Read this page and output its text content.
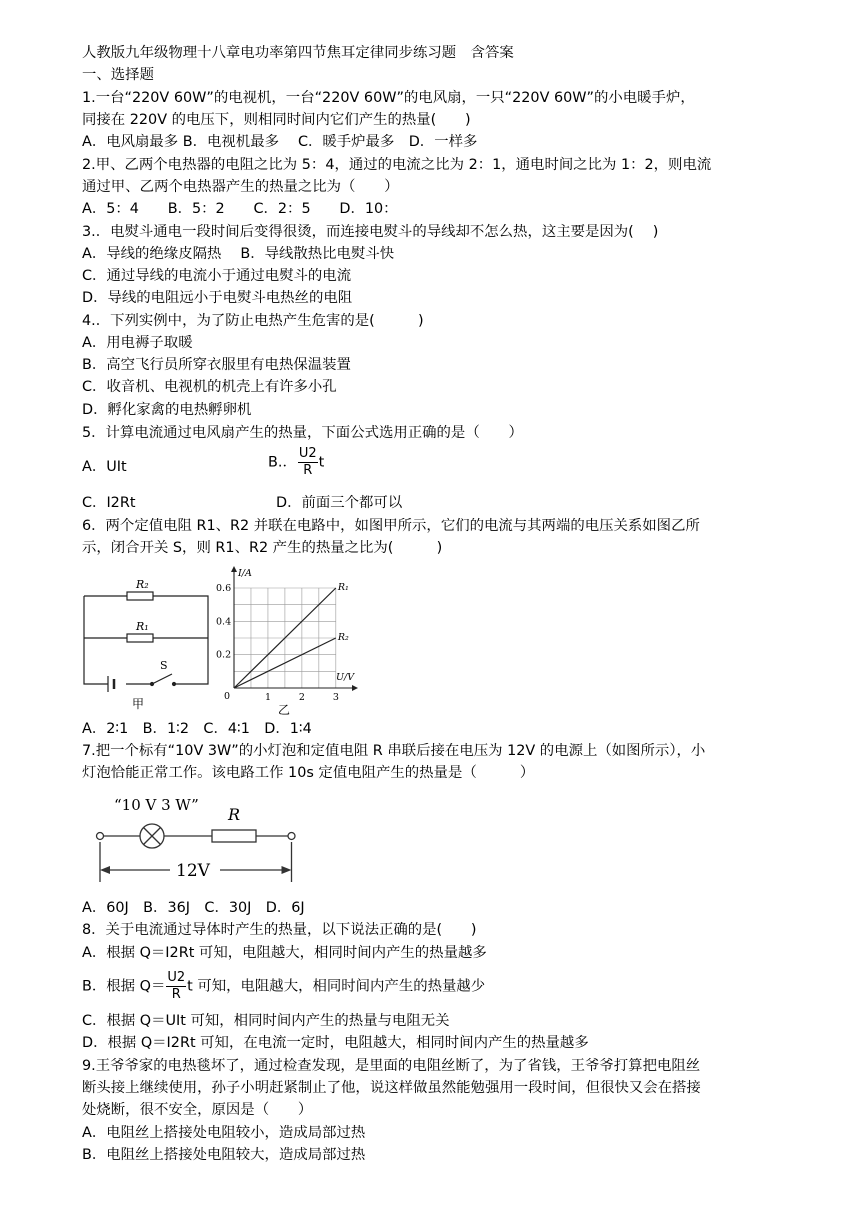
人教版九年级物理十八章电功率第四节焦耳定律同步练习题　含答案
一、选择题
1.一台“220V 60W”的电视机，一台“220V 60W”的电风扇，一只“220V 60W”的小电暖手炉，
同接在 220V 的电压下，则相同时间内它们产生的热量(　　)
A．电风扇最多 B．电视机最多　 C．暖手炉最多　D．一样多
2.甲、乙两个电热器的电阻之比为 5：4，通过的电流之比为 2：1，通电时间之比为 1：2，则电流
通过甲、乙两个电热器产生的热量之比为（　　）
A．5：4　　B．5：2　　C．2：5　　D．10：
3.．电熨斗通电一段时间后变得很烫，而连接电熨斗的导线却不怎么热，这主要是因为(　 )
A．导线的绝缘皮隔热　 B．导线散热比电熨斗快
C．通过导线的电流小于通过电熨斗的电流
D．导线的电阻远小于电熨斗电热丝的电阻
4.．下列实例中，为了防止电热产生危害的是(　　　)
A．用电褥子取暖
B．高空飞行员所穿衣服里有电热保温装置
C．收音机、电视机的机壳上有许多小孔
D．孵化家禽的电热孵卵机
5．计算电流通过电风扇产生的热量，下面公式选用正确的是（　　）
A．UIt	B.． $\frac{U2}{R}$ t
C．I2Rt	D．前面三个都可以
6．两个定值电阻 R1、R2 并联在电路中，如图甲所示，它们的电流与其两端的电压关系如图乙所
示，闭合开关 S，则 R1、R2 产生的热量之比为(　　　)
R₂
R₁
S
甲
I/A
U/V
0
0.6
0.4
0.2
1	2	3
R₁
R₂
乙
A．2∶1　B．1∶2　C．4∶1　D．1∶4
7.把一个标有“10V 3W”的小灯泡和定值电阻 R 串联后接在电压为 12V 的电源上（如图所示），小
灯泡恰能正常工作。该电路工作 10s 定值电阻产生的热量是（　　　）
“10 V 3 W” R
12V
A．60J　B．36J　C．30J　D．6J
8．关于电流通过导体时产生的热量，以下说法正确的是(　　)
A．根据 Q＝I2Rt 可知，电阻越大，相同时间内产生的热量越多
B．根据 $Q= \frac{U2}{R}$ t 可知，电阻越大，相同时间内产生的热量越少
C．根据 Q＝UIt 可知，相同时间内产生的热量与电阻无关
D．根据 Q＝I2Rt 可知，在电流一定时，电阻越大，相同时间内产生的热量越多
9.王爷爷家的电热毯坏了，通过检查发现，是里面的电阻丝断了，为了省钱，王爷爷打算把电阻丝
断头接上继续使用，孙子小明赶紧制止了他，说这样做虽然能勉强用一段时间，但很快又会在搭接
处烧断，很不安全，原因是（　　）
A．电阻丝上搭接处电阻较小，造成局部过热
B．电阻丝上搭接处电阻较大，造成局部过热
